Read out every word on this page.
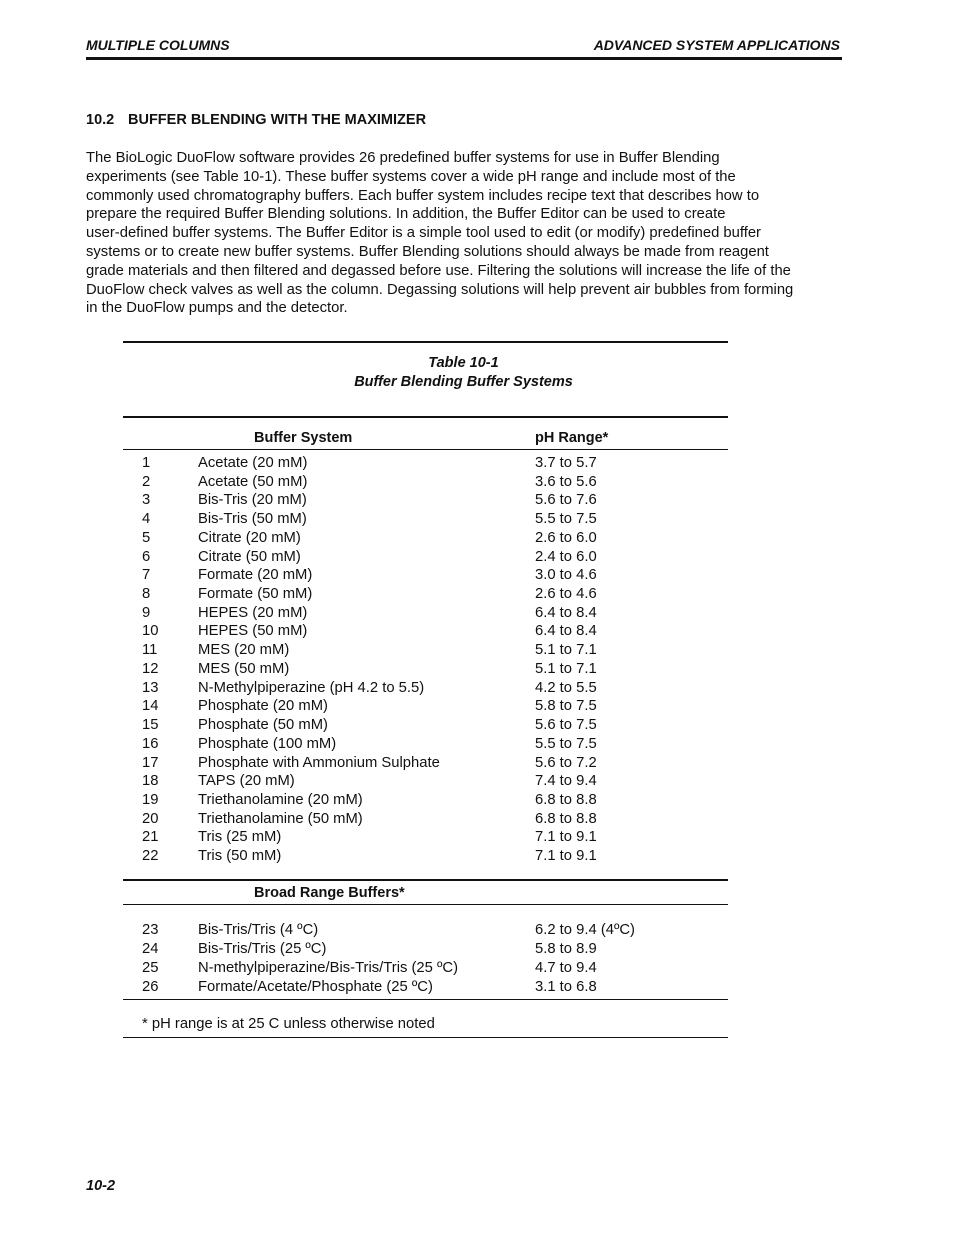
MULTIPLE COLUMNS	ADVANCED SYSTEM APPLICATIONS
10.2 BUFFER BLENDING WITH THE MAXIMIZER
The BioLogic DuoFlow software provides 26 predefined buffer systems for use in Buffer Blending
experiments (see Table 10-1). These buffer systems cover a wide pH range and include most of the
commonly used chromatography buffers. Each buffer system includes recipe text that describes how to
prepare the required Buffer Blending solutions. In addition, the Buffer Editor can be used to create
user-defined buffer systems. The Buffer Editor is a simple tool used to edit (or modify) predefined buffer
systems or to create new buffer systems. Buffer Blending solutions should always be made from reagent
grade materials and then filtered and degassed before use. Filtering the solutions will increase the life of the
DuoFlow check valves as well as the column. Degassing solutions will help prevent air bubbles from forming
in the DuoFlow pumps and the detector.
Table 10-1
Buffer Blending Buffer Systems
Buffer System	pH Range*
1	Acetate (20 mM)	3.7 to 5.7
2	Acetate (50 mM)	3.6 to 5.6
3	Bis-Tris (20 mM)	5.6 to 7.6
4	Bis-Tris (50 mM)	5.5 to 7.5
5	Citrate (20 mM)	2.6 to 6.0
6	Citrate (50 mM)	2.4 to 6.0
7	Formate (20 mM)	3.0 to 4.6
8	Formate (50 mM)	2.6 to 4.6
9	HEPES (20 mM)	6.4 to 8.4
10	HEPES (50 mM)	6.4 to 8.4
11	MES (20 mM)	5.1 to 7.1
12	MES (50 mM)	5.1 to 7.1
13	N-Methylpiperazine (pH 4.2 to 5.5)	4.2 to 5.5
14	Phosphate (20 mM)	5.8 to 7.5
15	Phosphate (50 mM)	5.6 to 7.5
16	Phosphate (100 mM)	5.5 to 7.5
17	Phosphate with Ammonium Sulphate	5.6 to 7.2
18	TAPS (20 mM)	7.4 to 9.4
19	Triethanolamine (20 mM)	6.8 to 8.8
20	Triethanolamine (50 mM)	6.8 to 8.8
21	Tris (25 mM)	7.1 to 9.1
22	Tris (50 mM)	7.1 to 9.1
Broad Range Buffers*
23	Bis-Tris/Tris (4 ºC)	6.2 to 9.4 (4ºC)
24	Bis-Tris/Tris (25 ºC)	5.8 to 8.9
25	N-methylpiperazine/Bis-Tris/Tris (25 ºC)	4.7 to 9.4
26	Formate/Acetate/Phosphate (25 ºC)	3.1 to 6.8
* pH range is at 25 C unless otherwise noted
10-2
